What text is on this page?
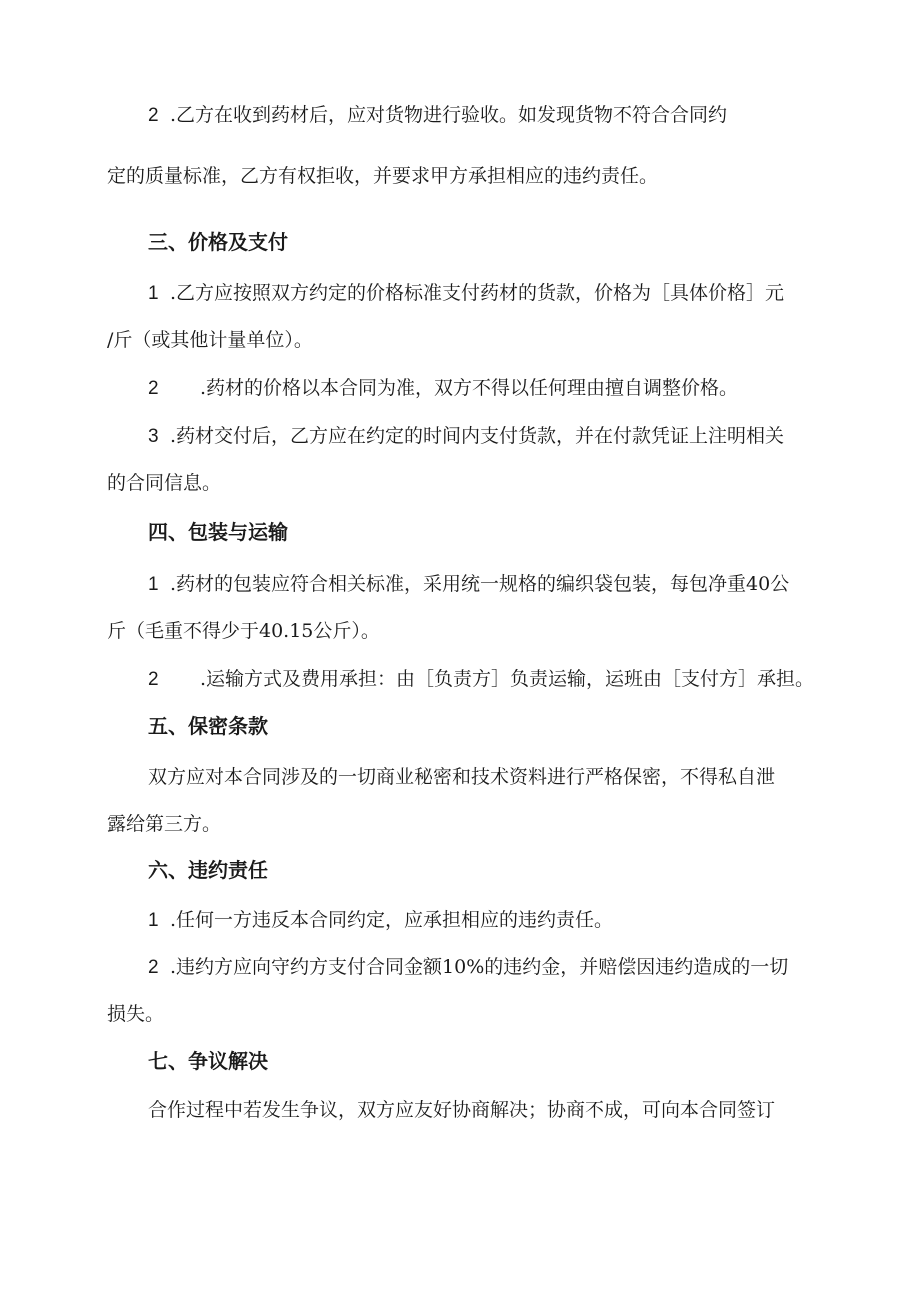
2 .乙方在收到药材后，应对货物进行验收。如发现货物不符合合同约
定的质量标准，乙方有权拒收，并要求甲方承担相应的违约责任。
三、价格及支付
1 .乙方应按照双方约定的价格标准支付药材的货款，价格为［具体价格］元
/斤（或其他计量单位）。
2 .药材的价格以本合同为准，双方不得以任何理由擅自调整价格。
3 .药材交付后，乙方应在约定的时间内支付货款，并在付款凭证上注明相关
的合同信息。
四、包装与运输
1 .药材的包装应符合相关标准，采用统一规格的编织袋包装，每包净重40公
斤（毛重不得少于40.15公斤）。
2 .运输方式及费用承担：由［负责方］负责运输，运班由［支付方］承担。
五、保密条款
双方应对本合同涉及的一切商业秘密和技术资料进行严格保密，不得私自泄
露给第三方。
六、违约责任
1 .任何一方违反本合同约定，应承担相应的违约责任。
2 .违约方应向守约方支付合同金额10%的违约金，并赔偿因违约造成的一切
损失。
七、争议解决
合作过程中若发生争议，双方应友好协商解决；协商不成，可向本合同签订
